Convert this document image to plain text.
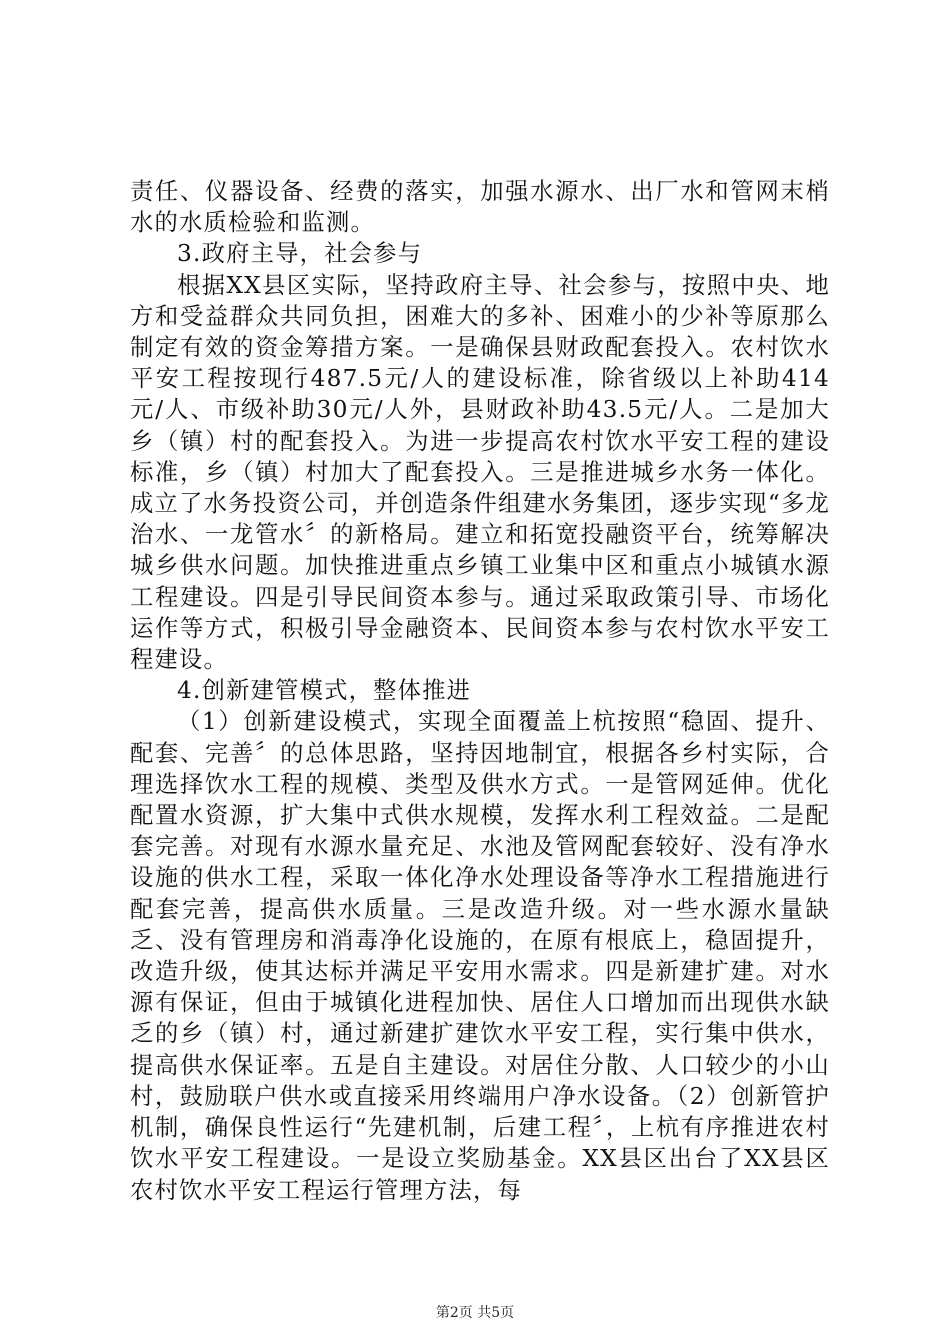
责任、仪器设备、经费的落实，加强水源水、出厂水和管网末梢水的水质检验和监测。

3.政府主导，社会参与

根据XX县区实际，坚持政府主导、社会参与，按照中央、地方和受益群众共同负担，困难大的多补、困难小的少补等原那么制定有效的资金筹措方案。一是确保县财政配套投入。农村饮水平安工程按现行487.5元/人的建设标准，除省级以上补助414元/人、市级补助30元/人外，县财政补助43.5元/人。二是加大乡（镇）村的配套投入。为进一步提高农村饮水平安工程的建设标准，乡（镇）村加大了配套投入。三是推进城乡水务一体化。成立了水务投资公司，并创造条件组建水务集团，逐步实现“多龙治水、一龙管水〞的新格局。建立和拓宽投融资平台，统筹解决城乡供水问题。加快推进重点乡镇工业集中区和重点小城镇水源工程建设。四是引导民间资本参与。通过采取政策引导、市场化运作等方式，积极引导金融资本、民间资本参与农村饮水平安工程建设。

4.创新建管模式，整体推进

（1）创新建设模式，实现全面覆盖上杭按照“稳固、提升、配套、完善〞的总体思路，坚持因地制宜，根据各乡村实际，合理选择饮水工程的规模、类型及供水方式。一是管网延伸。优化配置水资源，扩大集中式供水规模，发挥水利工程效益。二是配套完善。对现有水源水量充足、水池及管网配套较好、没有净水设施的供水工程，采取一体化净水处理设备等净水工程措施进行配套完善，提高供水质量。三是改造升级。对一些水源水量缺乏、没有管理房和消毒净化设施的，在原有根底上，稳固提升，改造升级，使其达标并满足平安用水需求。四是新建扩建。对水源有保证，但由于城镇化进程加快、居住人口增加而出现供水缺乏的乡（镇）村，通过新建扩建饮水平安工程，实行集中供水，提高供水保证率。五是自主建设。对居住分散、人口较少的小山村，鼓励联户供水或直接采用终端用户净水设备。（2）创新管护机制，确保良性运行“先建机制，后建工程〞，上杭有序推进农村饮水平安工程建设。一是设立奖励基金。XX县区出台了XX县区农村饮水平安工程运行管理方法，每

第2页 共5页
